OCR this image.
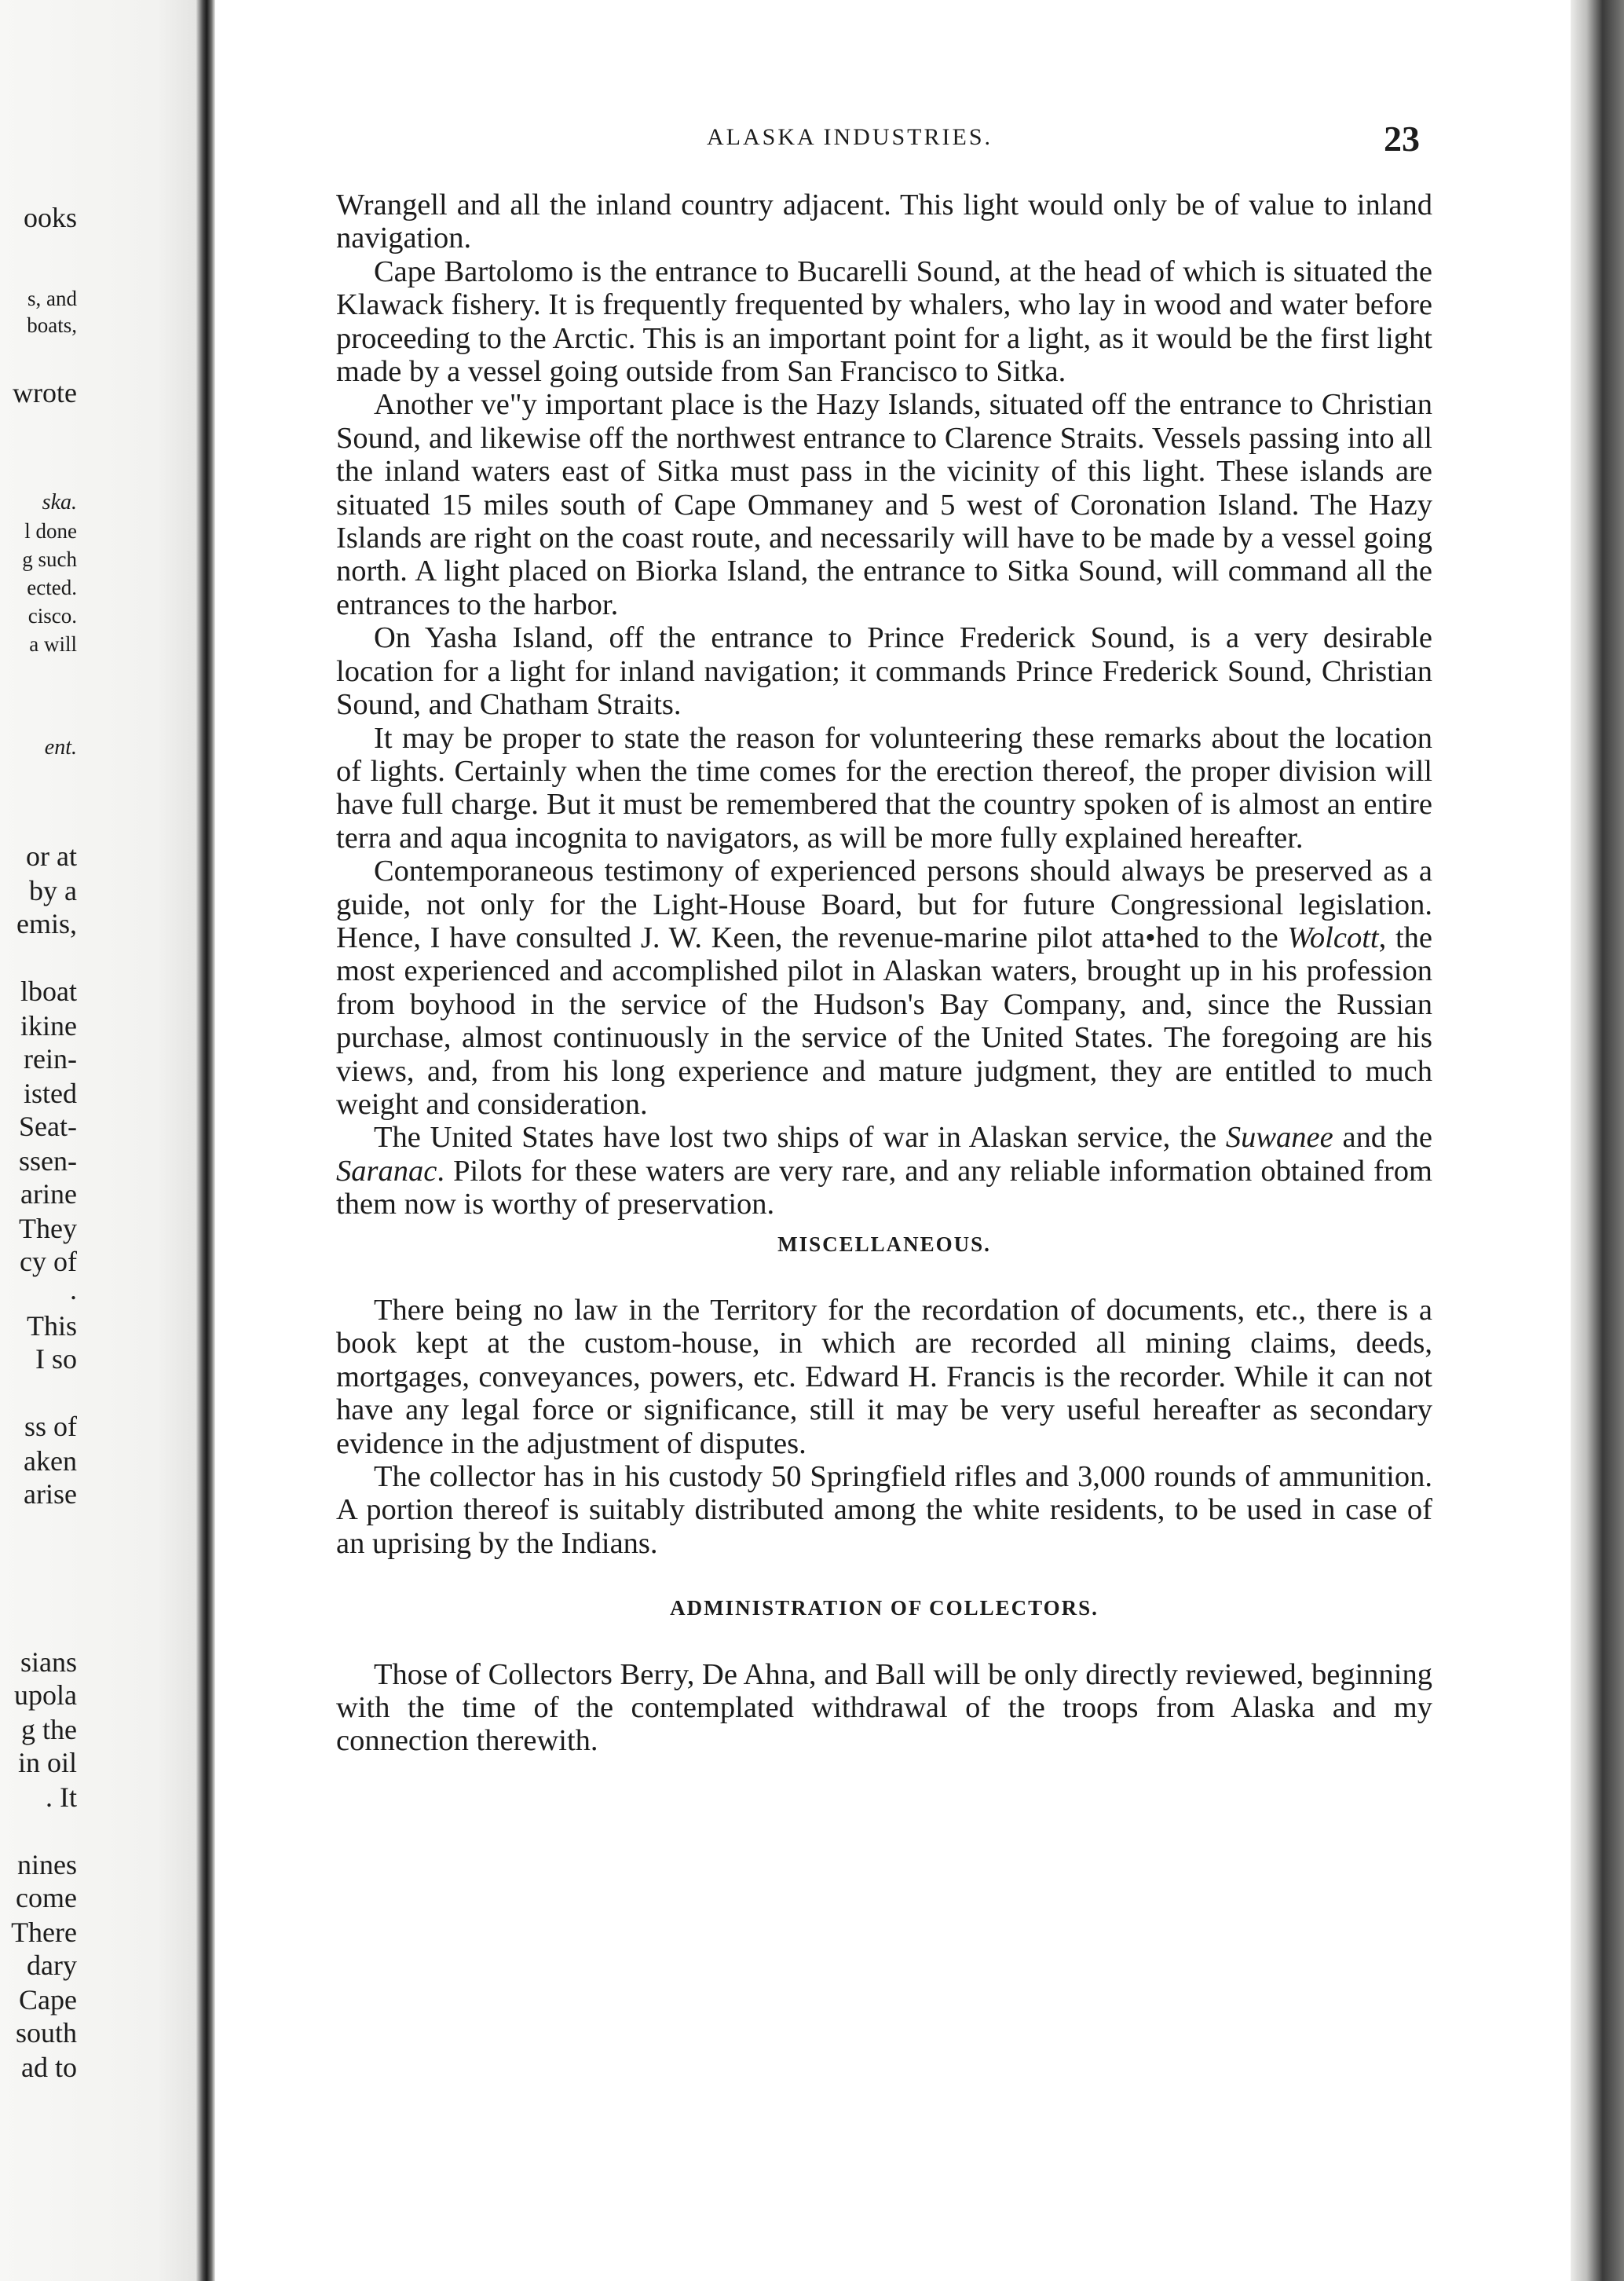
ooks
s, and
boats,
wrote
ska.
l done
g such
ected.
cisco.
a will
ent.
or at
by a
emis,
lboat
ikine
rein-
isted
Seat-
ssen-
arine
They
cy of
.
This
I so
ss of
aken
arise
sians
upola
g the
in oil
. It
nines
come
There
dary
Cape
south
ad to
ALASKA INDUSTRIES.	23

Wrangell and all the inland country adjacent. This light would only be of value to inland navigation.

Cape Bartolomo is the entrance to Bucarelli Sound, at the head of which is situated the Klawack fishery. It is frequently frequented by whalers, who lay in wood and water before proceeding to the Arctic. This is an important point for a light, as it would be the first light made by a vessel going outside from San Francisco to Sitka.

Another ve"y important place is the Hazy Islands, situated off the entrance to Christian Sound, and likewise off the northwest entrance to Clarence Straits. Vessels passing into all the inland waters east of Sitka must pass in the vicinity of this light. These islands are situated 15 miles south of Cape Ommaney and 5 west of Coronation Island. The Hazy Islands are right on the coast route, and necessarily will have to be made by a vessel going north. A light placed on Biorka Island, the entrance to Sitka Sound, will command all the entrances to the harbor.

On Yasha Island, off the entrance to Prince Frederick Sound, is a very desirable location for a light for inland navigation; it commands Prince Frederick Sound, Christian Sound, and Chatham Straits.

It may be proper to state the reason for volunteering these remarks about the location of lights. Certainly when the time comes for the erection thereof, the proper division will have full charge. But it must be remembered that the country spoken of is almost an entire terra and aqua incognita to navigators, as will be more fully explained hereafter.

Contemporaneous testimony of experienced persons should always be preserved as a guide, not only for the Light-House Board, but for future Congressional legislation. Hence, I have consulted J. W. Keen, the revenue-marine pilot atta•hed to the Wolcott, the most experienced and accomplished pilot in Alaskan waters, brought up in his profession from boyhood in the service of the Hudson's Bay Company, and, since the Russian purchase, almost continuously in the service of the United States. The foregoing are his views, and, from his long experience and mature judgment, they are entitled to much weight and consideration.

The United States have lost two ships of war in Alaskan service, the Suwanee and the Saranac. Pilots for these waters are very rare, and any reliable information obtained from them now is worthy of preservation.

MISCELLANEOUS.

There being no law in the Territory for the recordation of documents, etc., there is a book kept at the custom-house, in which are recorded all mining claims, deeds, mortgages, conveyances, powers, etc. Edward H. Francis is the recorder. While it can not have any legal force or significance, still it may be very useful hereafter as secondary evidence in the adjustment of disputes.

The collector has in his custody 50 Springfield rifles and 3,000 rounds of ammunition. A portion thereof is suitably distributed among the white residents, to be used in case of an uprising by the Indians.

ADMINISTRATION OF COLLECTORS.

Those of Collectors Berry, De Ahna, and Ball will be only directly reviewed, beginning with the time of the contemplated withdrawal of the troops from Alaska and my connection therewith.
